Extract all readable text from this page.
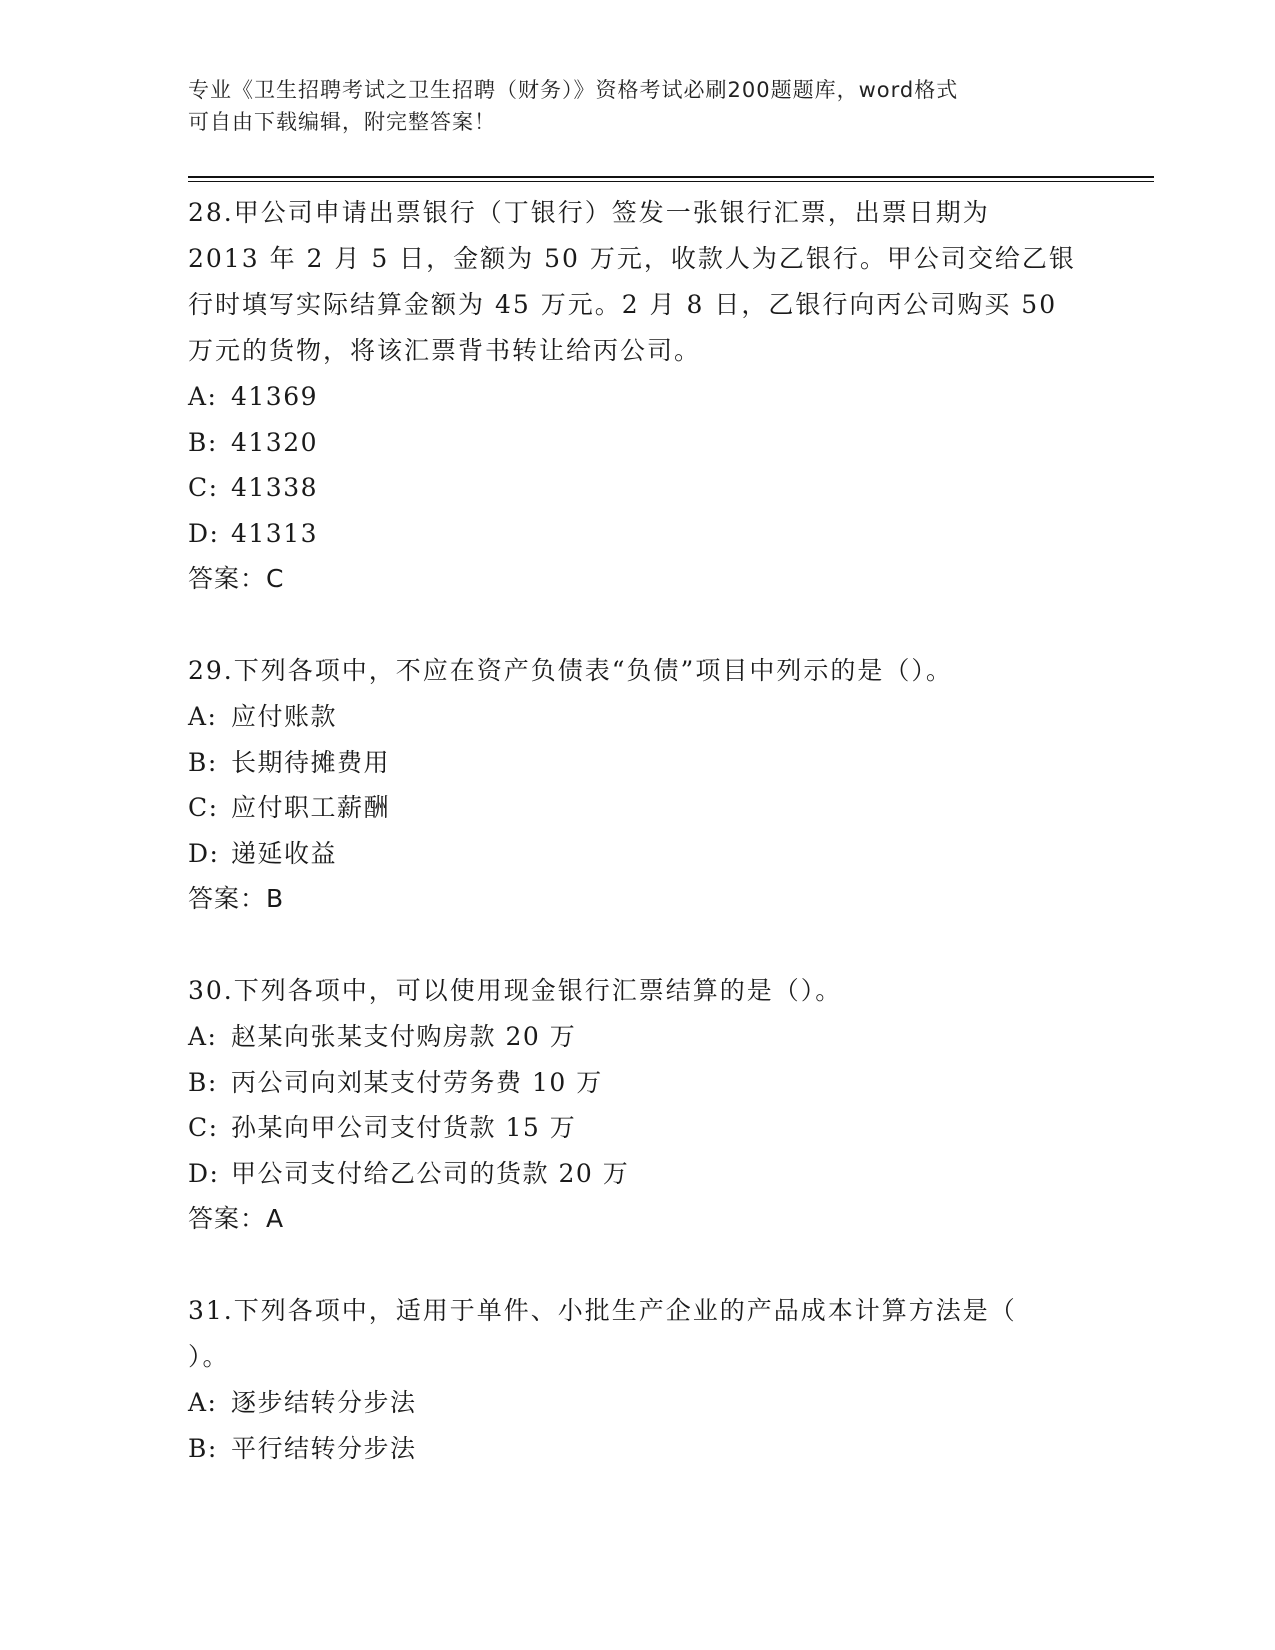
专业《卫生招聘考试之卫生招聘（财务）》资格考试必刷200题题库，word格式
可自由下载编辑，附完整答案！
28.甲公司申请出票银行（丁银行）签发一张银行汇票，出票日期为
2013 年 2 月 5 日，金额为 50 万元，收款人为乙银行。甲公司交给乙银
行时填写实际结算金额为 45 万元。2 月 8 日，乙银行向丙公司购买 50
万元的货物，将该汇票背书转让给丙公司。
A: 41369
B: 41320
C: 41338
D: 41313
答案：C
29.下列各项中，不应在资产负债表“负债”项目中列示的是（）。
A: 应付账款
B: 长期待摊费用
C: 应付职工薪酬
D: 递延收益
答案：B
30.下列各项中，可以使用现金银行汇票结算的是（）。
A: 赵某向张某支付购房款 20 万
B: 丙公司向刘某支付劳务费 10 万
C: 孙某向甲公司支付货款 15 万
D: 甲公司支付给乙公司的货款 20 万
答案：A
31.下列各项中，适用于单件、小批生产企业的产品成本计算方法是（
）。
A: 逐步结转分步法
B: 平行结转分步法
